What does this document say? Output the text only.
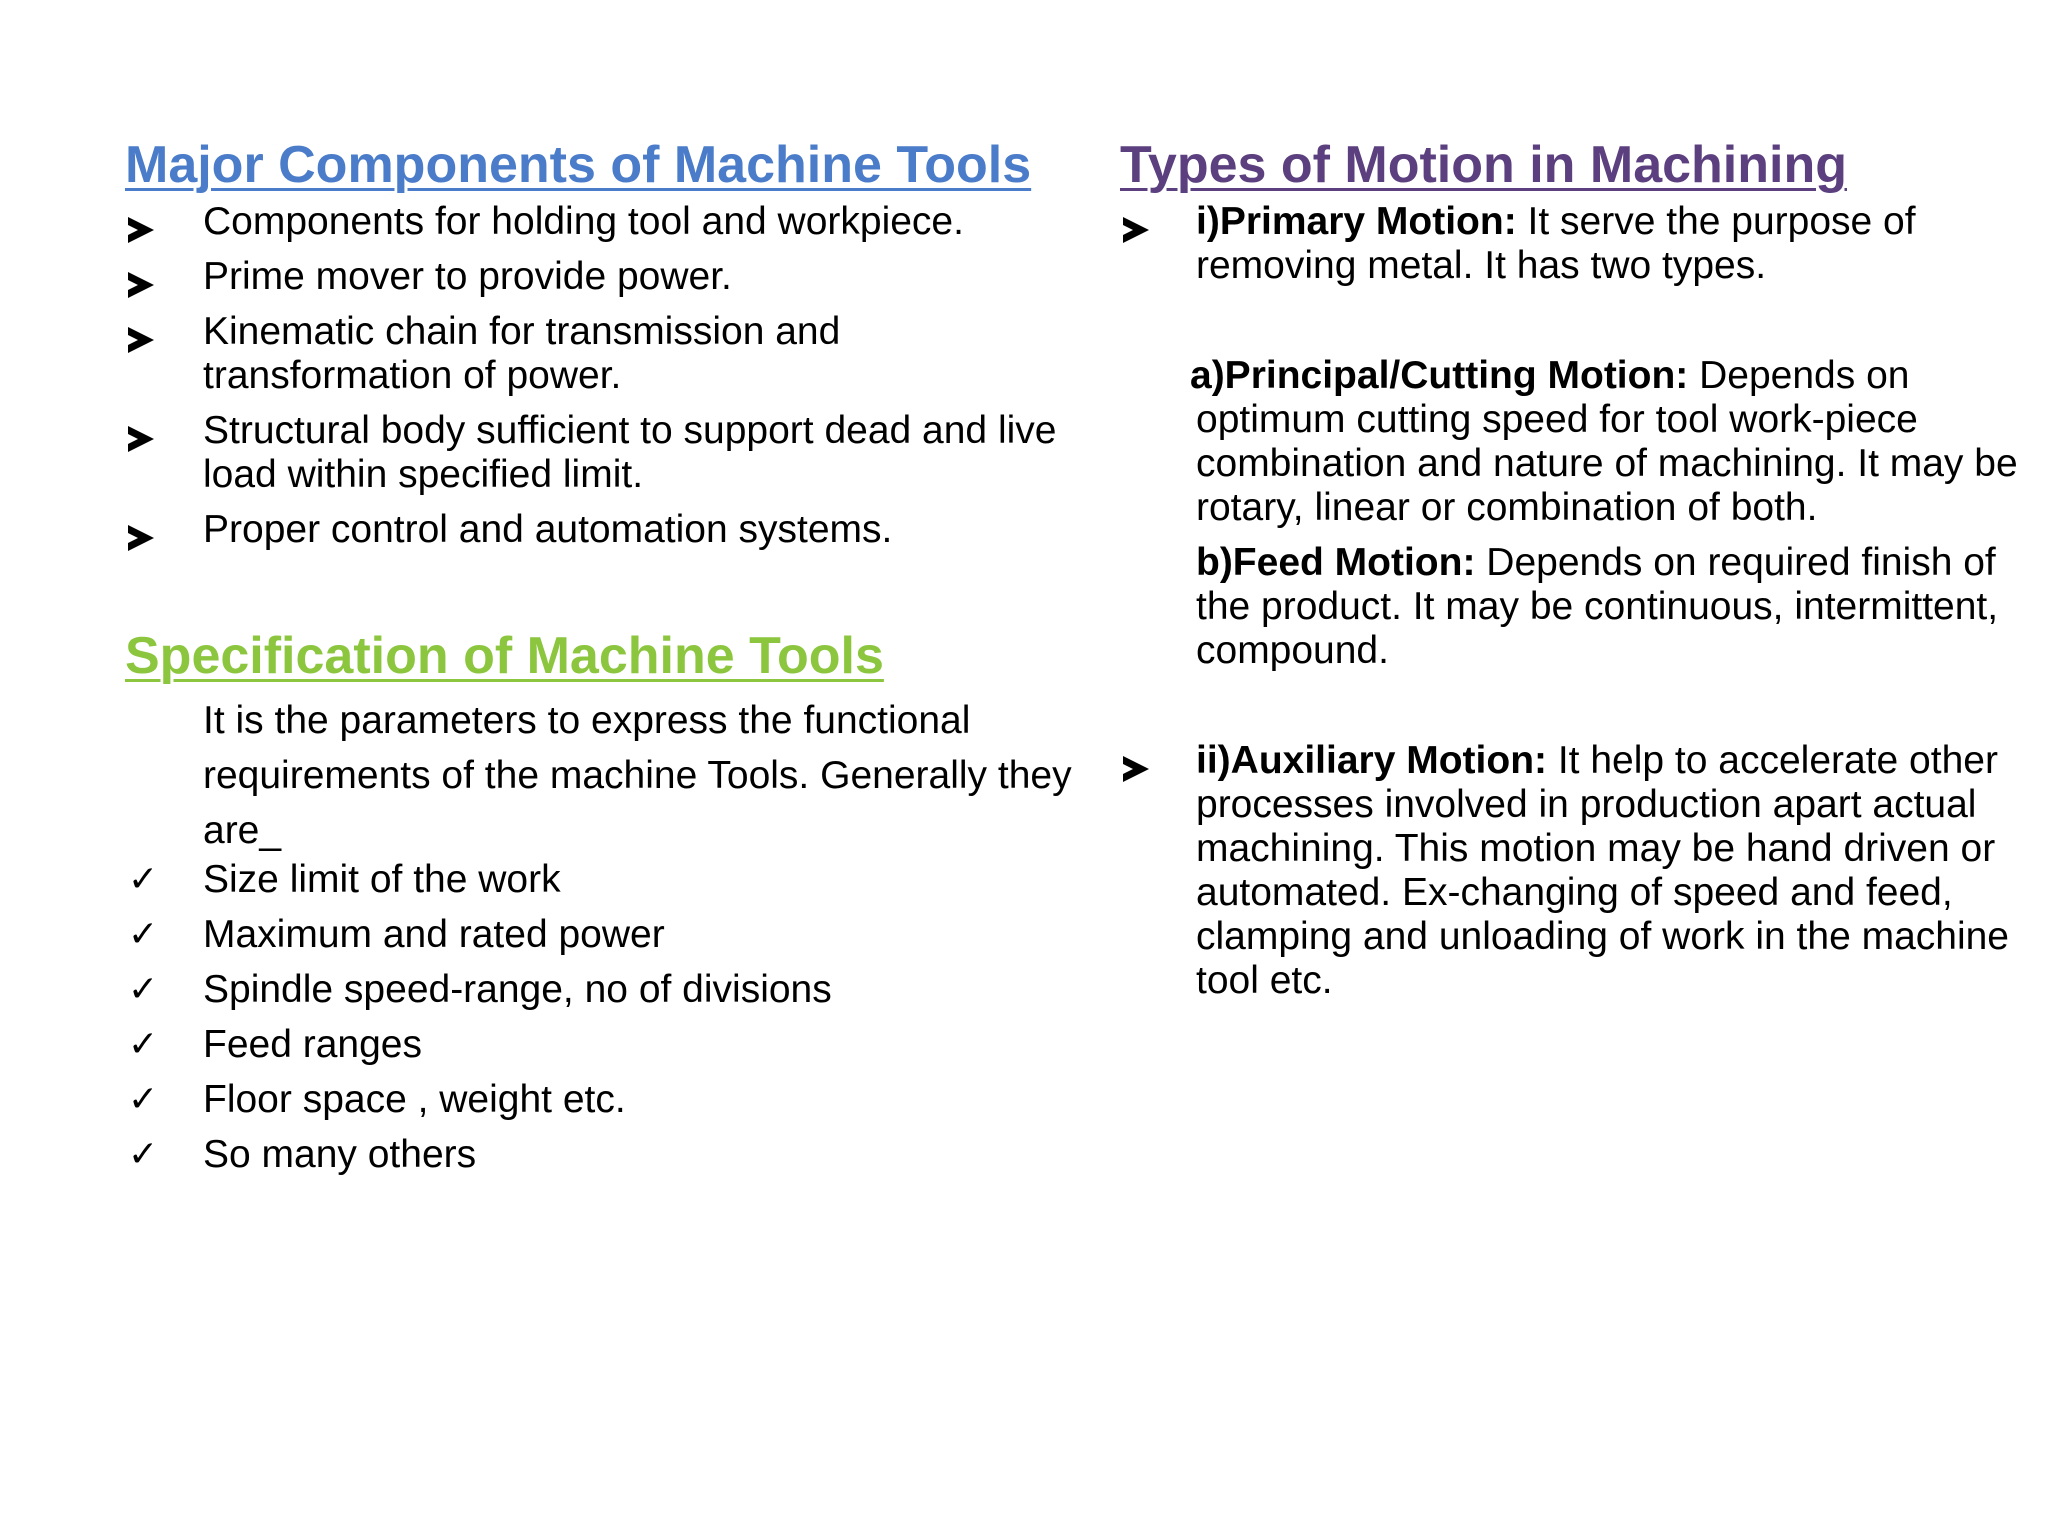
Major Components of Machine Tools
Components for holding tool and workpiece.
Prime mover to provide power.
Kinematic chain for transmission and transformation of power.
Structural body sufficient to support dead and live load within specified limit.
Proper control and automation systems.
Specification of Machine Tools

It is the parameters to express the functional requirements of the machine Tools. Generally they are_

✓ Size limit of the work
✓ Maximum and rated power
✓ Spindle speed-range, no of divisions
✓ Feed ranges
✓ Floor space , weight etc.
✓ So many others
Types of Motion in Machining
i)Primary Motion: It serve the purpose of removing metal. It has two types.
a)Principal/Cutting Motion: Depends on optimum cutting speed for tool work-piece combination and nature of machining. It may be rotary, linear or combination of both.
b)Feed Motion: Depends on required finish of the product. It may be continuous, intermittent, compound.
ii)Auxiliary Motion: It help to accelerate other processes involved in production apart actual machining. This motion may be hand driven or automated. Ex-changing of speed and feed, clamping and unloading of work in the machine tool etc.
